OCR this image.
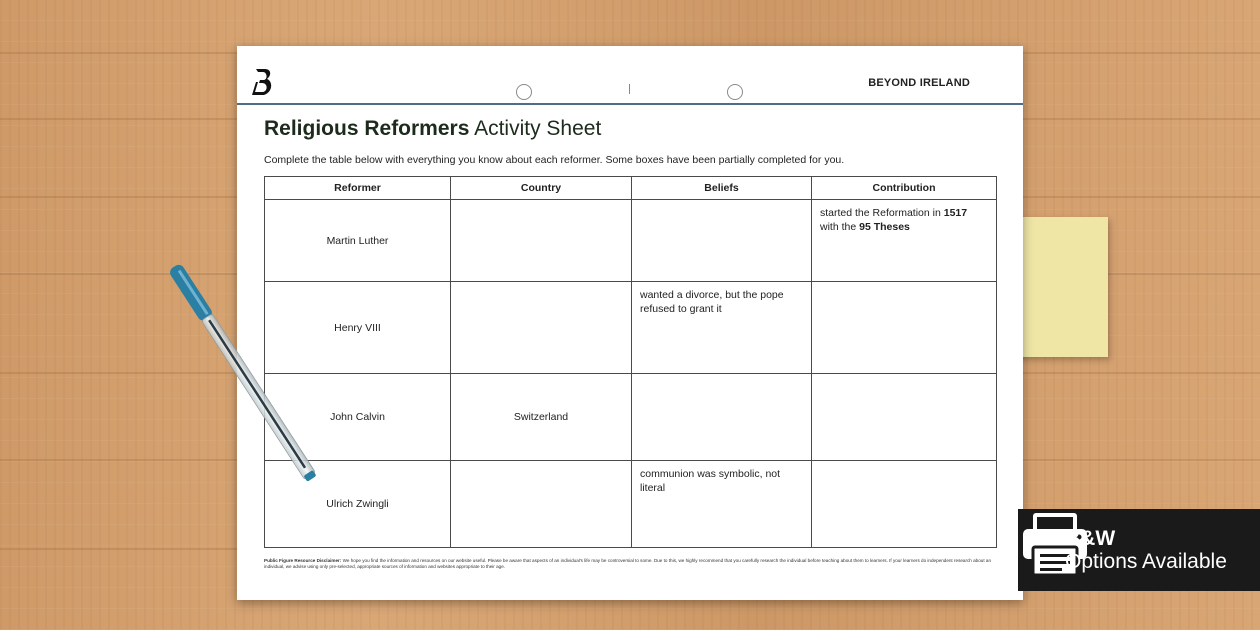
BEYOND IRELAND
Religious Reformers Activity Sheet
Complete the table below with everything you know about each reformer. Some boxes have been partially completed for you.
Reformer	Country	Beliefs	Contribution
Martin Luther			started the Reformation in 1517 with the 95 Theses
Henry VIII		wanted a divorce, but the pope refused to grant it	
John Calvin	Switzerland		
Ulrich Zwingli		communion was symbolic, not literal	
Public Figure Resource Disclaimer: We hope you find the information and resources on our website useful. Please be aware that aspects of an individual's life may be controversial to some. Due to this, we highly recommend that you carefully research the individual before teaching about them to learners. If your learners do independent research about an individual, we advise using only pre-selected, appropriate sources of information and websites appropriate to their age.
B&W
Options Available
